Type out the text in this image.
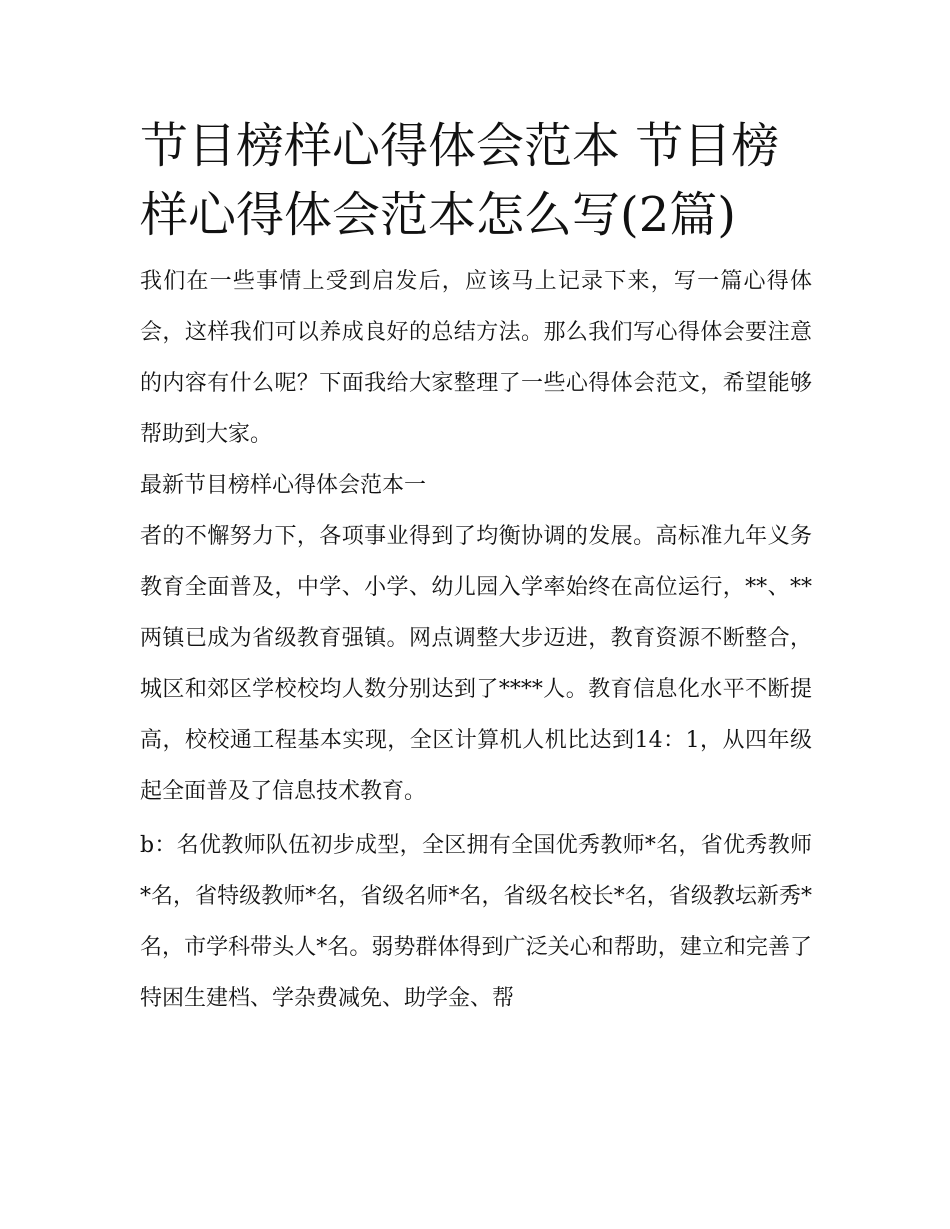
节目榜样心得体会范本 节目榜样心得体会范本怎么写(2篇)

我们在一些事情上受到启发后，应该马上记录下来，写一篇心得体会，这样我们可以养成良好的总结方法。那么我们写心得体会要注意的内容有什么呢？下面我给大家整理了一些心得体会范文，希望能够帮助到大家。

最新节目榜样心得体会范本一

者的不懈努力下，各项事业得到了均衡协调的发展。高标准九年义务教育全面普及，中学、小学、幼儿园入学率始终在高位运行，**、**两镇已成为省级教育强镇。网点调整大步迈进，教育资源不断整合，城区和郊区学校校均人数分别达到了****人。教育信息化水平不断提高，校校通工程基本实现，全区计算机人机比达到14：1，从四年级起全面普及了信息技术教育。

b：名优教师队伍初步成型，全区拥有全国优秀教师*名，省优秀教师*名，省特级教师*名，省级名师*名，省级名校长*名，省级教坛新秀*名，市学科带头人*名。弱势群体得到广泛关心和帮助，建立和完善了特困生建档、学杂费减免、助学金、帮
